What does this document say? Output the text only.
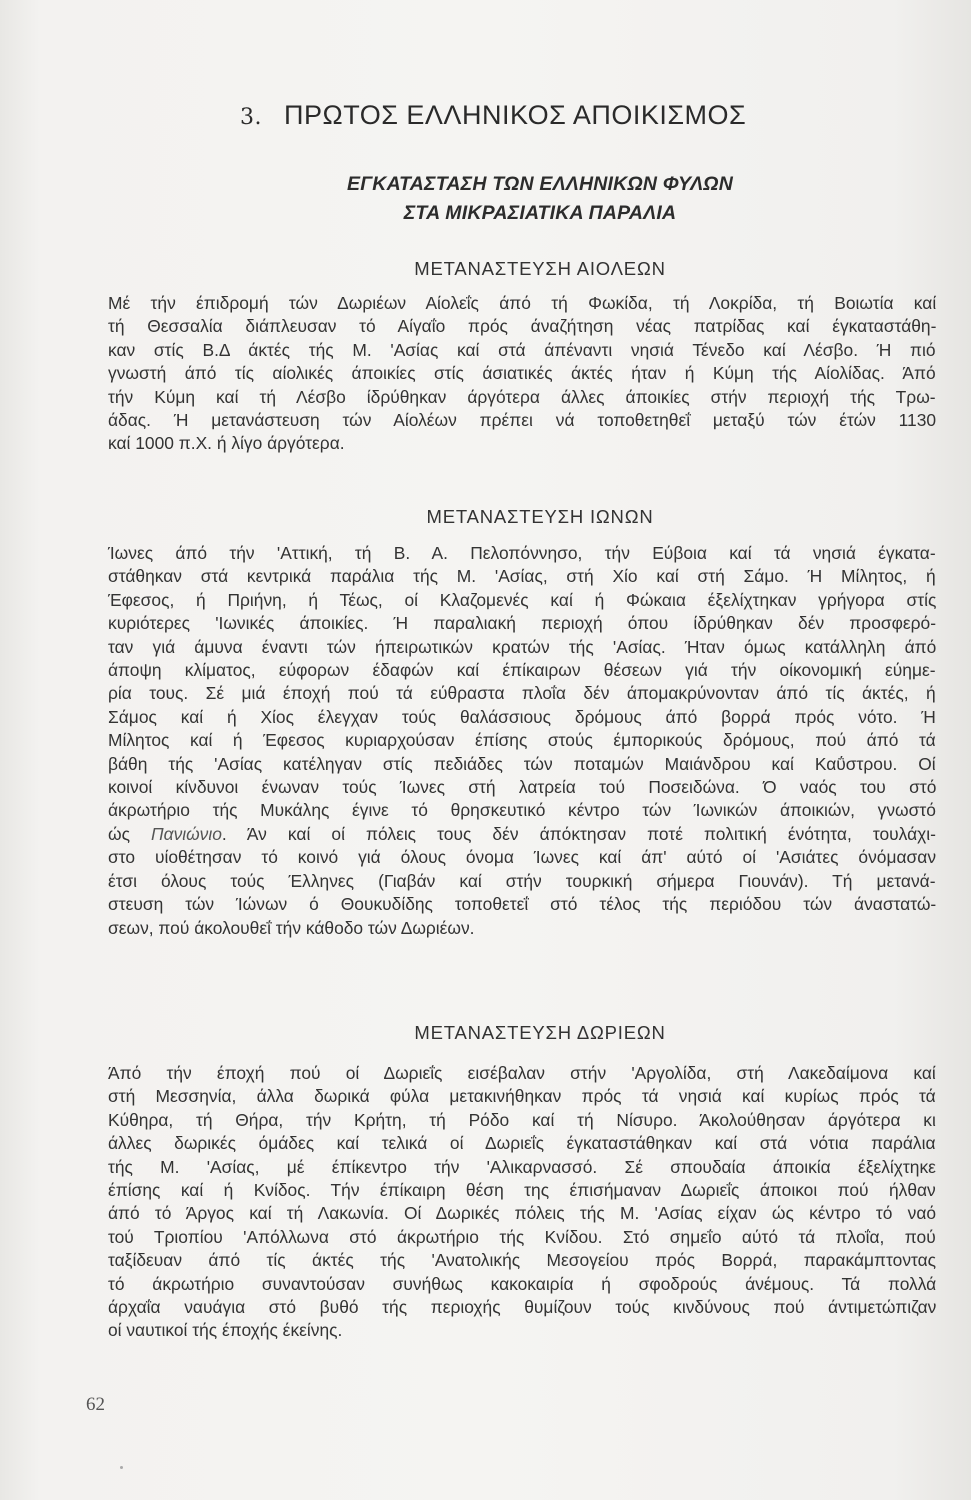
3. ΠΡΩΤΟΣ ΕΛΛΗΝΙΚΟΣ ΑΠΟΙΚΙΣΜΟΣ
ΕΓΚΑΤΑΣΤΑΣΗ ΤΩΝ ΕΛΛΗΝΙΚΩΝ ΦΥΛΩΝ
ΣΤΑ ΜΙΚΡΑΣΙΑΤΙΚΑ ΠΑΡΑΛΙΑ
ΜΕΤΑΝΑΣΤΕΥΣΗ ΑΙΟΛΕΩΝ
Μέ τήν έπιδρομή τών Δωριέων Αίολεΐς άπό τή Φωκίδα, τή Λοκρίδα, τή Βοιωτία καί
τή Θεσσαλία διάπλευσαν τό Αίγαΐο πρός άναζήτηση νέας πατρίδας καί έγκαταστάθη-
καν στίς Β.Δ άκτές τής Μ. 'Ασίας καί στά άπέναντι νησιά Τένεδο καί Λέσβο. Ή πιό
γνωστή άπό τίς αίολικές άποικίες στίς άσιατικές άκτές ήταν ή Κύμη τής Αίολίδας. Άπό
τήν Κύμη καί τή Λέσβο ίδρύθηκαν άργότερα άλλες άποικίες στήν περιοχή τής Τρω-
άδας. Ή μετανάστευση τών Αίολέων πρέπει νά τοποθετηθεΐ μεταξύ τών έτών 1130
καί 1000 π.Χ. ή λίγο άργότερα.
ΜΕΤΑΝΑΣΤΕΥΣΗ ΙΩΝΩΝ
Ίωνες άπό τήν 'Αττική, τή Β. Α. Πελοπόννησο, τήν Εύβοια καί τά νησιά έγκατα-
στάθηκαν στά κεντρικά παράλια τής Μ. 'Ασίας, στή Χίο καί στή Σάμο. Ή Μίλητος, ή
Έφεσος, ή Πριήνη, ή Τέως, οί Κλαζομενές καί ή Φώκαια έξελίχτηκαν γρήγορα στίς
κυριότερες 'Ιωνικές άποικίες. Ή παραλιακή περιοχή όπου ίδρύθηκαν δέν προσφερό-
ταν γιά άμυνα έναντι τών ήπειρωτικών κρατών τής 'Ασίας. Ήταν όμως κατάλληλη άπό
άποψη κλίματος, εύφορων έδαφών καί έπίκαιρων θέσεων γιά τήν οίκονομική εύημε-
ρία τους. Σέ μιά έποχή πού τά εύθραστα πλοΐα δέν άπομακρύνονταν άπό τίς άκτές, ή
Σάμος καί ή Χίος έλεγχαν τούς θαλάσσιους δρόμους άπό βορρά πρός νότο. Ή
Μίλητος καί ή Έφεσος κυριαρχούσαν έπίσης στούς έμπορικούς δρόμους, πού άπό τά
βάθη τής 'Ασίας κατέληγαν στίς πεδιάδες τών ποταμών Μαιάνδρου καί Καΰστρου. Οί
κοινοί κίνδυνοι ένωναν τούς Ίωνες στή λατρεία τού Ποσειδώνα. Ό ναός του στό
άκρωτήριο τής Μυκάλης έγινε τό θρησκευτικό κέντρο τών Ίωνικών άποικιών, γνωστό
ώς Πανιώνιο. Άν καί οί πόλεις τους δέν άπόκτησαν ποτέ πολιτική ένότητα, τουλάχι-
στο υίοθέτησαν τό κοινό γιά όλους όνομα Ίωνες καί άπ' αύτό οί 'Ασιάτες όνόμασαν
έτσι όλους τούς Έλληνες (Γιαβάν καί στήν τουρκική σήμερα Γιουνάν). Τή μετανά-
στευση τών Ίώνων ό Θουκυδίδης τοποθετεΐ στό τέλος τής περιόδου τών άναστατώ-
σεων, πού άκολουθεΐ τήν κάθοδο τών Δωριέων.
ΜΕΤΑΝΑΣΤΕΥΣΗ ΔΩΡΙΕΩΝ
Άπό τήν έποχή πού οί Δωριεΐς εισέβαλαν στήν 'Αργολίδα, στή Λακεδαίμονα καί
στή Μεσσηνία, άλλα δωρικά φύλα μετακινήθηκαν πρός τά νησιά καί κυρίως πρός τά
Κύθηρα, τή Θήρα, τήν Κρήτη, τή Ρόδο καί τή Νίσυρο. Άκολούθησαν άργότερα κι
άλλες δωρικές όμάδες καί τελικά οί Δωριεΐς έγκαταστάθηκαν καί στά νότια παράλια
τής Μ. 'Ασίας, μέ έπίκεντρο τήν 'Αλικαρνασσό. Σέ σπουδαία άποικία έξελίχτηκε
έπίσης καί ή Κνίδος. Τήν έπίκαιρη θέση της έπισήμαναν Δωριεΐς άποικοι πού ήλθαν
άπό τό Άργος καί τή Λακωνία. Οί Δωρικές πόλεις τής Μ. 'Ασίας είχαν ώς κέντρο τό ναό
τού Τριοπίου 'Απόλλωνα στό άκρωτήριο τής Κνίδου. Στό σημεΐο αύτό τά πλοΐα, πού
ταξίδευαν άπό τίς άκτές τής 'Ανατολικής Μεσογείου πρός Βορρά, παρακάμπτοντας
τό άκρωτήριο συναντούσαν συνήθως κακοκαιρία ή σφοδρούς άνέμους. Τά πολλά
άρχαΐα ναυάγια στό βυθό τής περιοχής θυμίζουν τούς κινδύνους πού άντιμετώπιζαν
οί ναυτικοί τής έποχής έκείνης.
62
